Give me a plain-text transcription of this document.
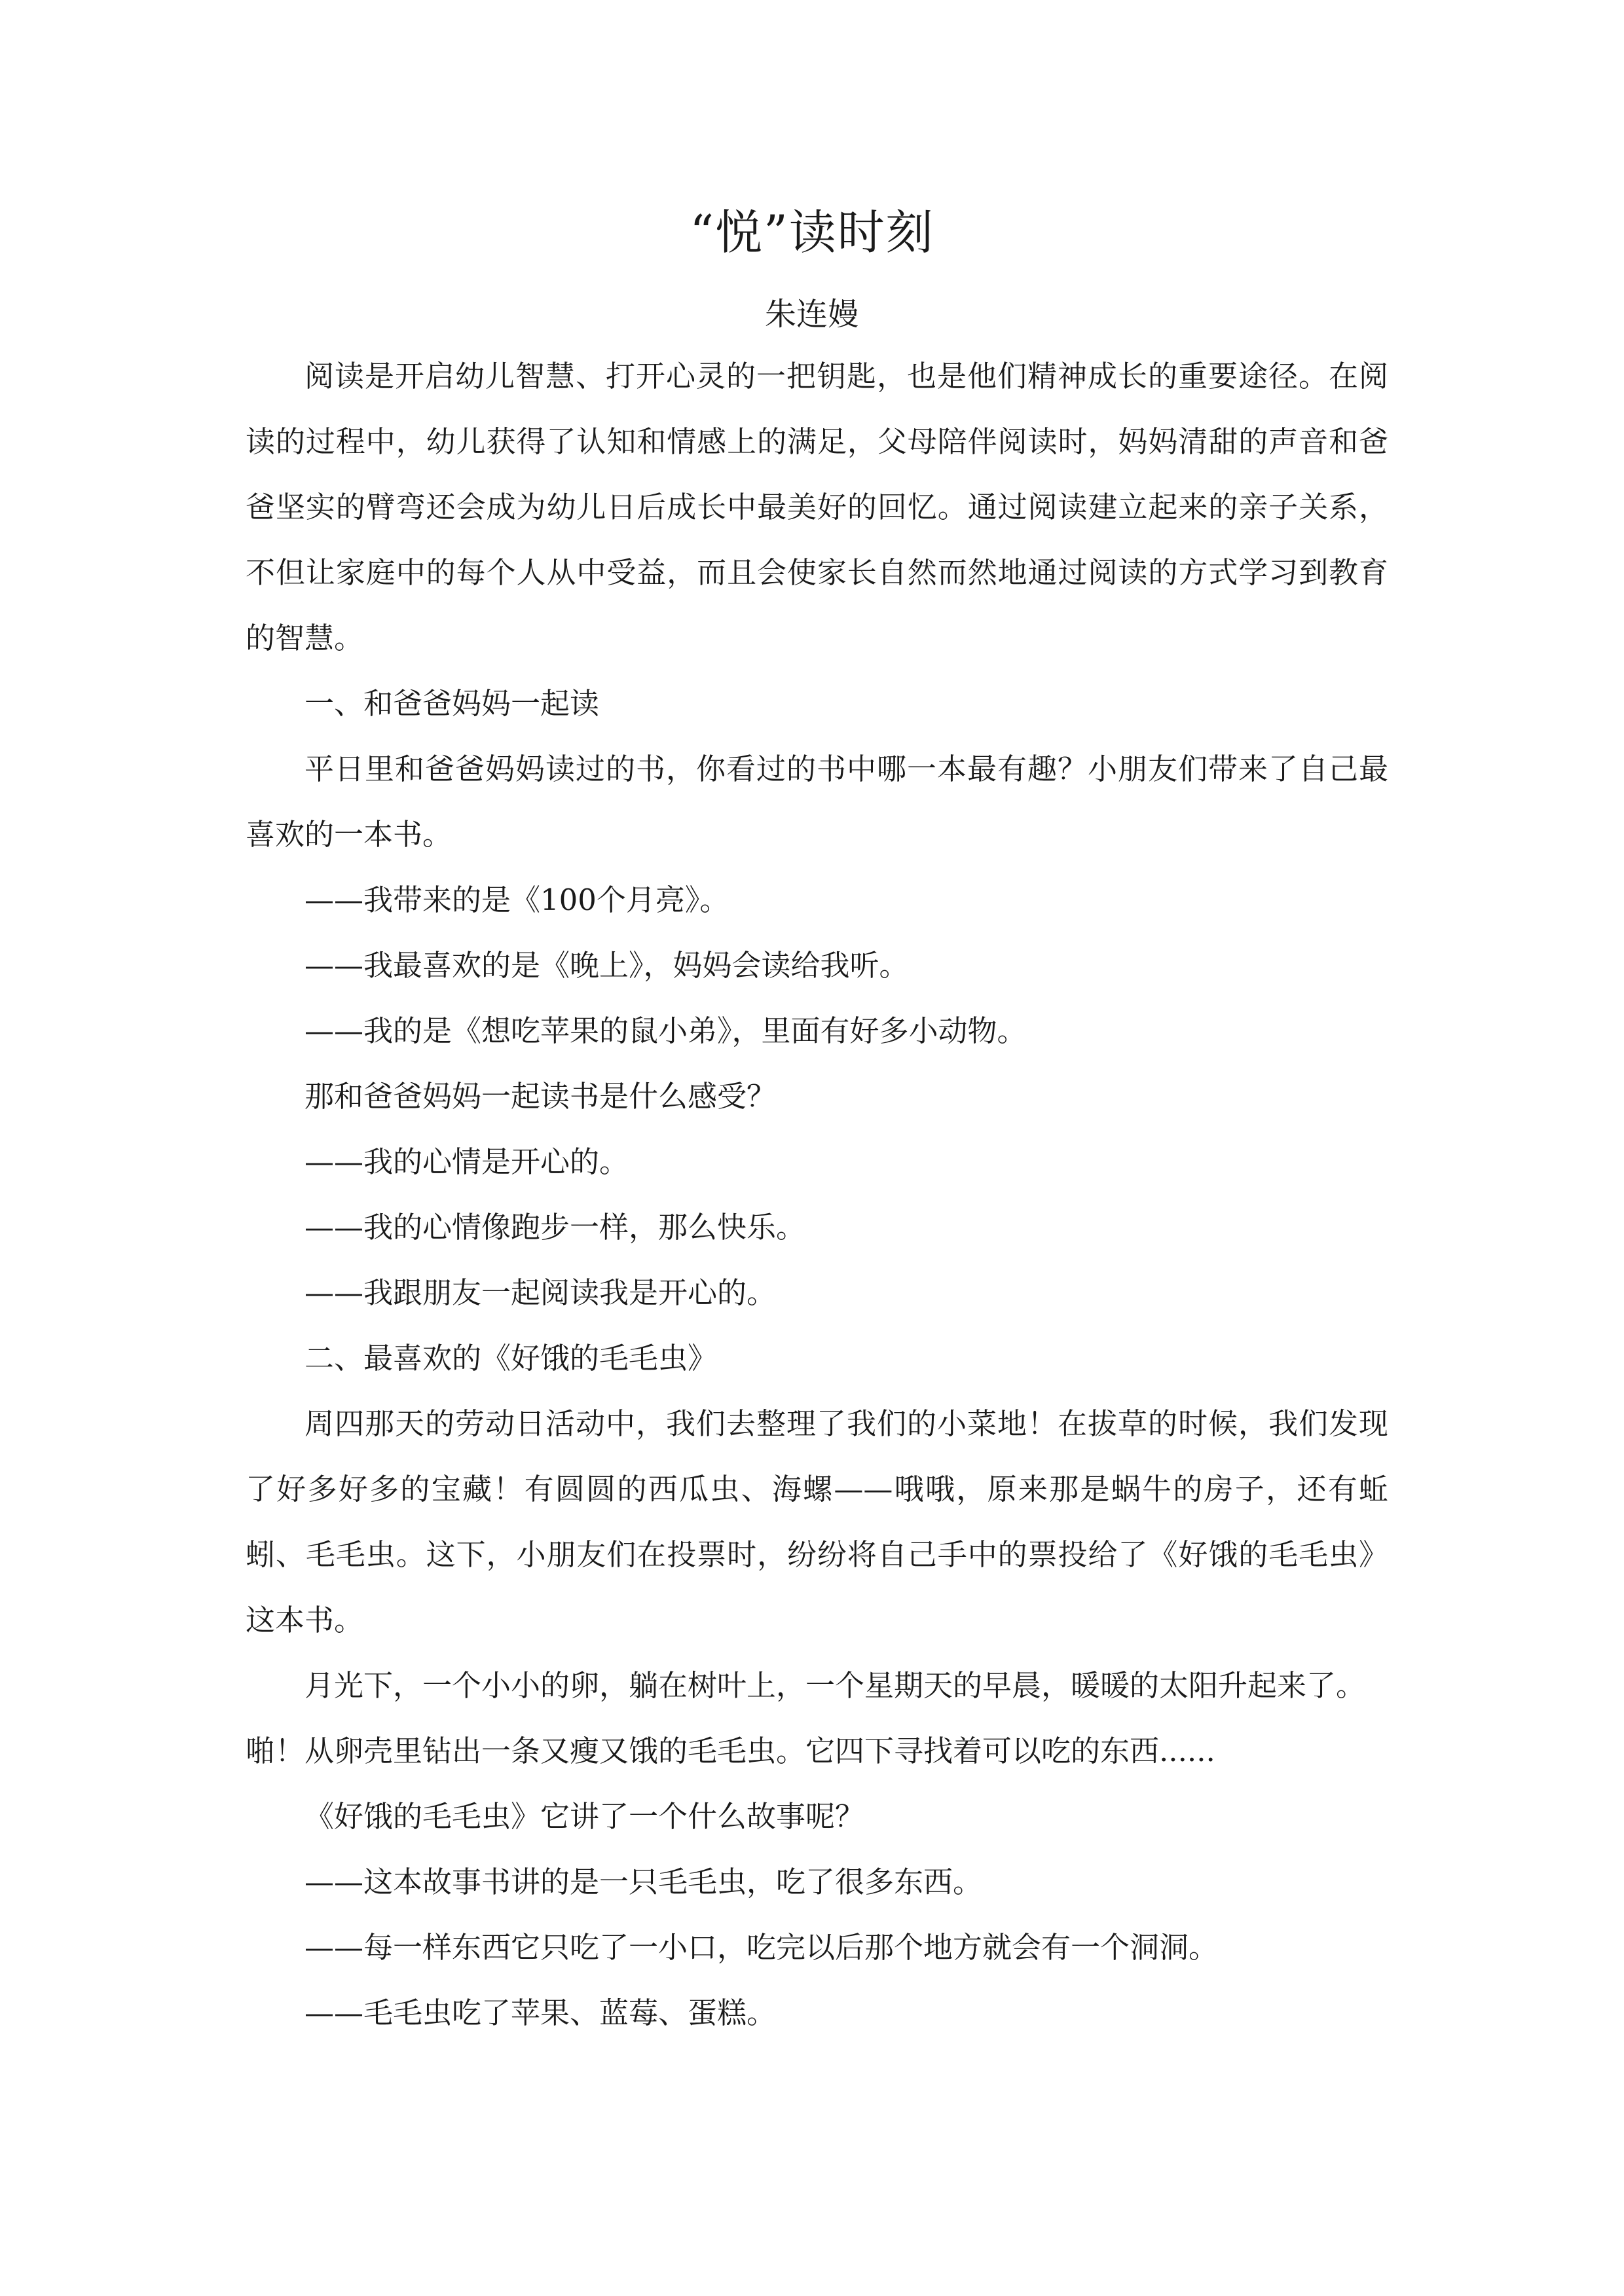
“悦”读时刻
朱连嫚

阅读是开启幼儿智慧、打开心灵的一把钥匙，也是他们精神成长的重要途径。在阅读的过程中，幼儿获得了认知和情感上的满足，父母陪伴阅读时，妈妈清甜的声音和爸爸坚实的臂弯还会成为幼儿日后成长中最美好的回忆。通过阅读建立起来的亲子关系，不但让家庭中的每个人从中受益，而且会使家长自然而然地通过阅读的方式学习到教育的智慧。

一、和爸爸妈妈一起读

平日里和爸爸妈妈读过的书，你看过的书中哪一本最有趣？小朋友们带来了自己最喜欢的一本书。

——我带来的是《100个月亮》。

——我最喜欢的是《晚上》，妈妈会读给我听。

——我的是《想吃苹果的鼠小弟》，里面有好多小动物。

那和爸爸妈妈一起读书是什么感受？

——我的心情是开心的。

——我的心情像跑步一样，那么快乐。

——我跟朋友一起阅读我是开心的。

二、最喜欢的《好饿的毛毛虫》

周四那天的劳动日活动中，我们去整理了我们的小菜地！在拔草的时候，我们发现了好多好多的宝藏！有圆圆的西瓜虫、海螺——哦哦，原来那是蜗牛的房子，还有蚯蚓、毛毛虫。这下，小朋友们在投票时，纷纷将自己手中的票投给了《好饿的毛毛虫》这本书。

月光下，一个小小的卵，躺在树叶上，一个星期天的早晨，暖暖的太阳升起来了。啪！从卵壳里钻出一条又瘦又饿的毛毛虫。它四下寻找着可以吃的东西......

《好饿的毛毛虫》它讲了一个什么故事呢？

——这本故事书讲的是一只毛毛虫，吃了很多东西。

——每一样东西它只吃了一小口，吃完以后那个地方就会有一个洞洞。

——毛毛虫吃了苹果、蓝莓、蛋糕。
